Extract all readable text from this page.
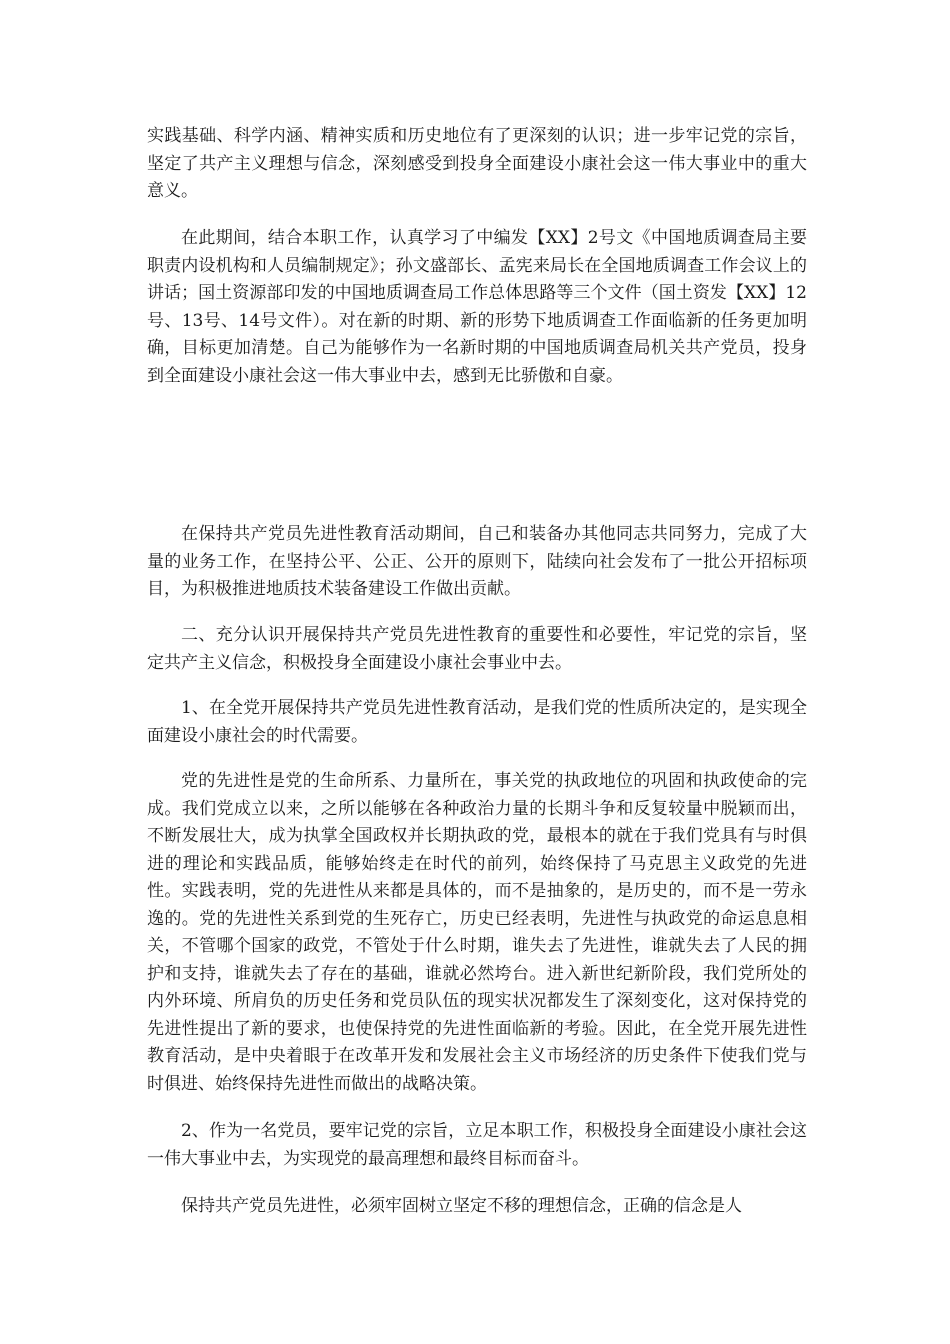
实践基础、科学内涵、精神实质和历史地位有了更深刻的认识；进一步牢记党的宗旨，坚定了共产主义理想与信念，深刻感受到投身全面建设小康社会这一伟大事业中的重大意义。

在此期间，结合本职工作，认真学习了中编发【XX】2号文《中国地质调查局主要职责内设机构和人员编制规定》；孙文盛部长、孟宪来局长在全国地质调查工作会议上的讲话；国土资源部印发的中国地质调查局工作总体思路等三个文件（国土资发【XX】12号、13号、14号文件）。对在新的时期、新的形势下地质调查工作面临新的任务更加明确，目标更加清楚。自己为能够作为一名新时期的中国地质调查局机关共产党员，投身到全面建设小康社会这一伟大事业中去，感到无比骄傲和自豪。

在保持共产党员先进性教育活动期间，自己和装备办其他同志共同努力，完成了大量的业务工作，在坚持公平、公正、公开的原则下，陆续向社会发布了一批公开招标项目，为积极推进地质技术装备建设工作做出贡献。

二、充分认识开展保持共产党员先进性教育的重要性和必要性，牢记党的宗旨，坚定共产主义信念，积极投身全面建设小康社会事业中去。

1、在全党开展保持共产党员先进性教育活动，是我们党的性质所决定的，是实现全面建设小康社会的时代需要。

党的先进性是党的生命所系、力量所在，事关党的执政地位的巩固和执政使命的完成。我们党成立以来，之所以能够在各种政治力量的长期斗争和反复较量中脱颖而出，不断发展壮大，成为执掌全国政权并长期执政的党，最根本的就在于我们党具有与时俱进的理论和实践品质，能够始终走在时代的前列，始终保持了马克思主义政党的先进性。实践表明，党的先进性从来都是具体的，而不是抽象的，是历史的，而不是一劳永逸的。党的先进性关系到党的生死存亡，历史已经表明，先进性与执政党的命运息息相关，不管哪个国家的政党，不管处于什么时期，谁失去了先进性，谁就失去了人民的拥护和支持，谁就失去了存在的基础，谁就必然垮台。进入新世纪新阶段，我们党所处的内外环境、所肩负的历史任务和党员队伍的现实状况都发生了深刻变化，这对保持党的先进性提出了新的要求，也使保持党的先进性面临新的考验。因此，在全党开展先进性教育活动，是中央着眼于在改革开发和发展社会主义市场经济的历史条件下使我们党与时俱进、始终保持先进性而做出的战略决策。

2、作为一名党员，要牢记党的宗旨，立足本职工作，积极投身全面建设小康社会这一伟大事业中去，为实现党的最高理想和最终目标而奋斗。

保持共产党员先进性，必须牢固树立坚定不移的理想信念，正确的信念是人
